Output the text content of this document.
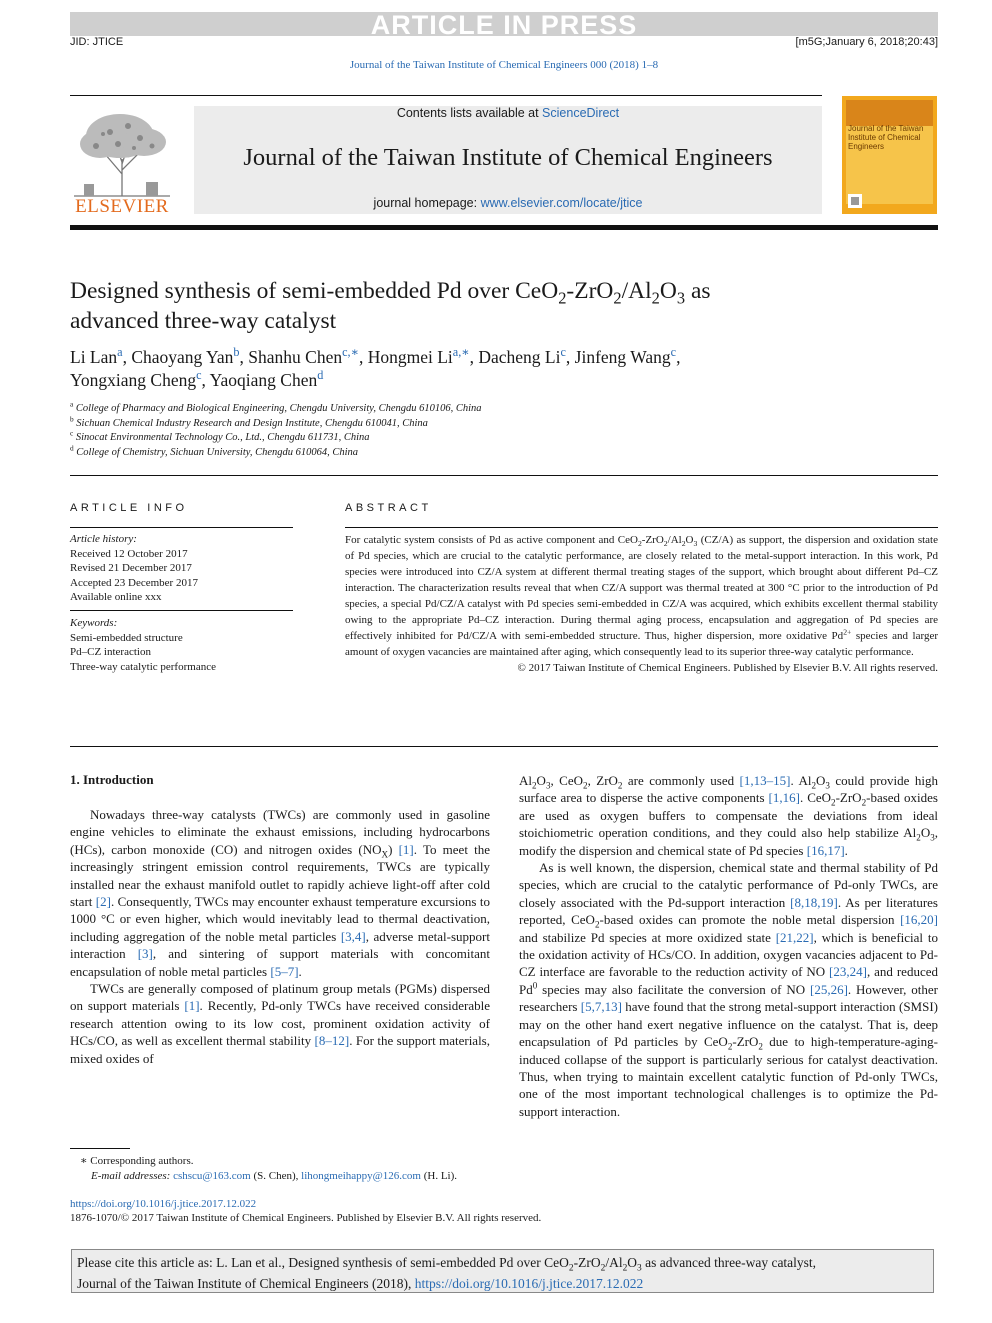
ARTICLE IN PRESS
JID: JTICE	[m5G;January 6, 2018;20:43]
Journal of the Taiwan Institute of Chemical Engineers 000 (2018) 1–8
ELSEVIER
Contents lists available at ScienceDirect
Journal of the Taiwan Institute of Chemical Engineers
journal homepage: www.elsevier.com/locate/jtice
Journal of the Taiwan Institute of Chemical Engineers
Designed synthesis of semi-embedded Pd over $CeO_2-ZrO_2/Al_2O_3$ as
advanced three-way catalyst
Li Lan$^a$, Chaoyang Yan$^b$, Shanhu Chen$^{c,∗}$, Hongmei $Li^{a,∗}$, Dacheng Li$^c$, Jinfeng Wang$^c$,
Yongxiang Cheng$^c$, Yaoqiang Chen$^d$
$^a$ College of Pharmacy and Biological Engineering, Chengdu University, Chengdu 610106, China
$^b$ Sichuan Chemical Industry Research and Design Institute, Chengdu 610041, China
$^c$ Sinocat Environmental Technology Co., Ltd., Chengdu 611731, China
$^d$ College of Chemistry, Sichuan University, Chengdu 610064, China
ARTICLE INFO
Article history:
Received 12 October 2017
Revised 21 December 2017
Accepted 23 December 2017
Available online xxx
Keywords:
Semi-embedded structure
Pd–CZ interaction
Three-way catalytic performance
ABSTRACT
For catalytic system consists of Pd as active component and $CeO_2-ZrO_2/Al_2O_3$ (CZ/A) as support, the dispersion and oxidation state of Pd species, which are crucial to the catalytic performance, are closely related to the metal-support interaction. In this work, Pd species were introduced into CZ/A system at different thermal treating stages of the support, which brought about different Pd–CZ interaction. The characterization results reveal that when CZ/A support was thermal treated at 300 °C prior to the introduction of Pd species, a special Pd/CZ/A catalyst with Pd species semi-embedded in CZ/A was acquired, which exhibits excellent thermal stability owing to the appropriate Pd–CZ interaction. During thermal aging process, encapsulation and aggregation of Pd species are effectively inhibited for Pd/CZ/A with semi-embedded structure. Thus, higher dispersion, more oxidative $Pd^{2+}$ species and larger amount of oxygen vacancies are maintained after aging, which consequently lead to its superior three-way catalytic performance.
© 2017 Taiwan Institute of Chemical Engineers. Published by Elsevier B.V. All rights reserved.
1. Introduction

Nowadays three-way catalysts (TWCs) are commonly used in gasoline engine vehicles to eliminate the exhaust emissions, including hydrocarbons (HCs), carbon monoxide (CO) and nitrogen oxides $(NO_X)$ [1]. To meet the increasingly stringent emission control requirements, TWCs are typically installed near the exhaust manifold outlet to rapidly achieve light-off after cold start [2]. Consequently, TWCs may encounter exhaust temperature excursions to 1000 °C or even higher, which would inevitably lead to thermal deactivation, including aggregation of the noble metal particles [3,4], adverse metal-support interaction [3], and sintering of support materials with concomitant encapsulation of noble metal particles [5–7].

TWCs are generally composed of platinum group metals (PGMs) dispersed on support materials [1]. Recently, Pd-only TWCs have received considerable research attention owing to its low cost, prominent oxidation activity of HCs/CO, as well as excellent thermal stability [8–12]. For the support materials, mixed oxides of

$Al_2O_3$, CeO$_2$, ZrO$_2$ are commonly used [1,13–15]. $Al_2O_3$ could provide high surface area to disperse the active components [1,16]. CeO$_2$-ZrO$_2$-based oxides are used as oxygen buffers to compensate the deviations from ideal stoichiometric operation conditions, and they could also help stabilize $Al_2O_3$, modify the dispersion and chemical state of Pd species [16,17].

As is well known, the dispersion, chemical state and thermal stability of Pd species, which are crucial to the catalytic performance of Pd-only TWCs, are closely associated with the Pd-support interaction [8,18,19]. As per literatures reported, CeO$_2$-based oxides can promote the noble metal dispersion [16,20] and stabilize Pd species at more oxidized state [21,22], which is beneficial to the oxidation activity of HCs/CO. In addition, oxygen vacancies adjacent to Pd-CZ interface are favorable to the reduction activity of NO [23,24], and reduced Pd$^0$ species may also facilitate the conversion of NO [25,26]. However, other researchers [5,7,13] have found that the strong metal-support interaction (SMSI) may on the other hand exert negative influence on the catalyst. That is, deep encapsulation of Pd particles by CeO$_2$-ZrO$_2$ due to high-temperature-aging-induced collapse of the support is particularly serious for catalyst deactivation. Thus, when trying to maintain excellent catalytic function of Pd-only TWCs, one of the most important technological challenges is to optimize the Pd-support interaction.

∗ Corresponding authors.
E-mail addresses: cshscu@163.com (S. Chen), lihongmeihappy@126.com (H. Li).
https://doi.org/10.1016/j.jtice.2017.12.022
1876-1070/© 2017 Taiwan Institute of Chemical Engineers. Published by Elsevier B.V. All rights reserved.
Please cite this article as: L. Lan et al., Designed synthesis of semi-embedded Pd over $CeO_2-ZrO_2/Al_2O_3$ as advanced three-way catalyst,
Journal of the Taiwan Institute of Chemical Engineers (2018), https://doi.org/10.1016/j.jtice.2017.12.022
